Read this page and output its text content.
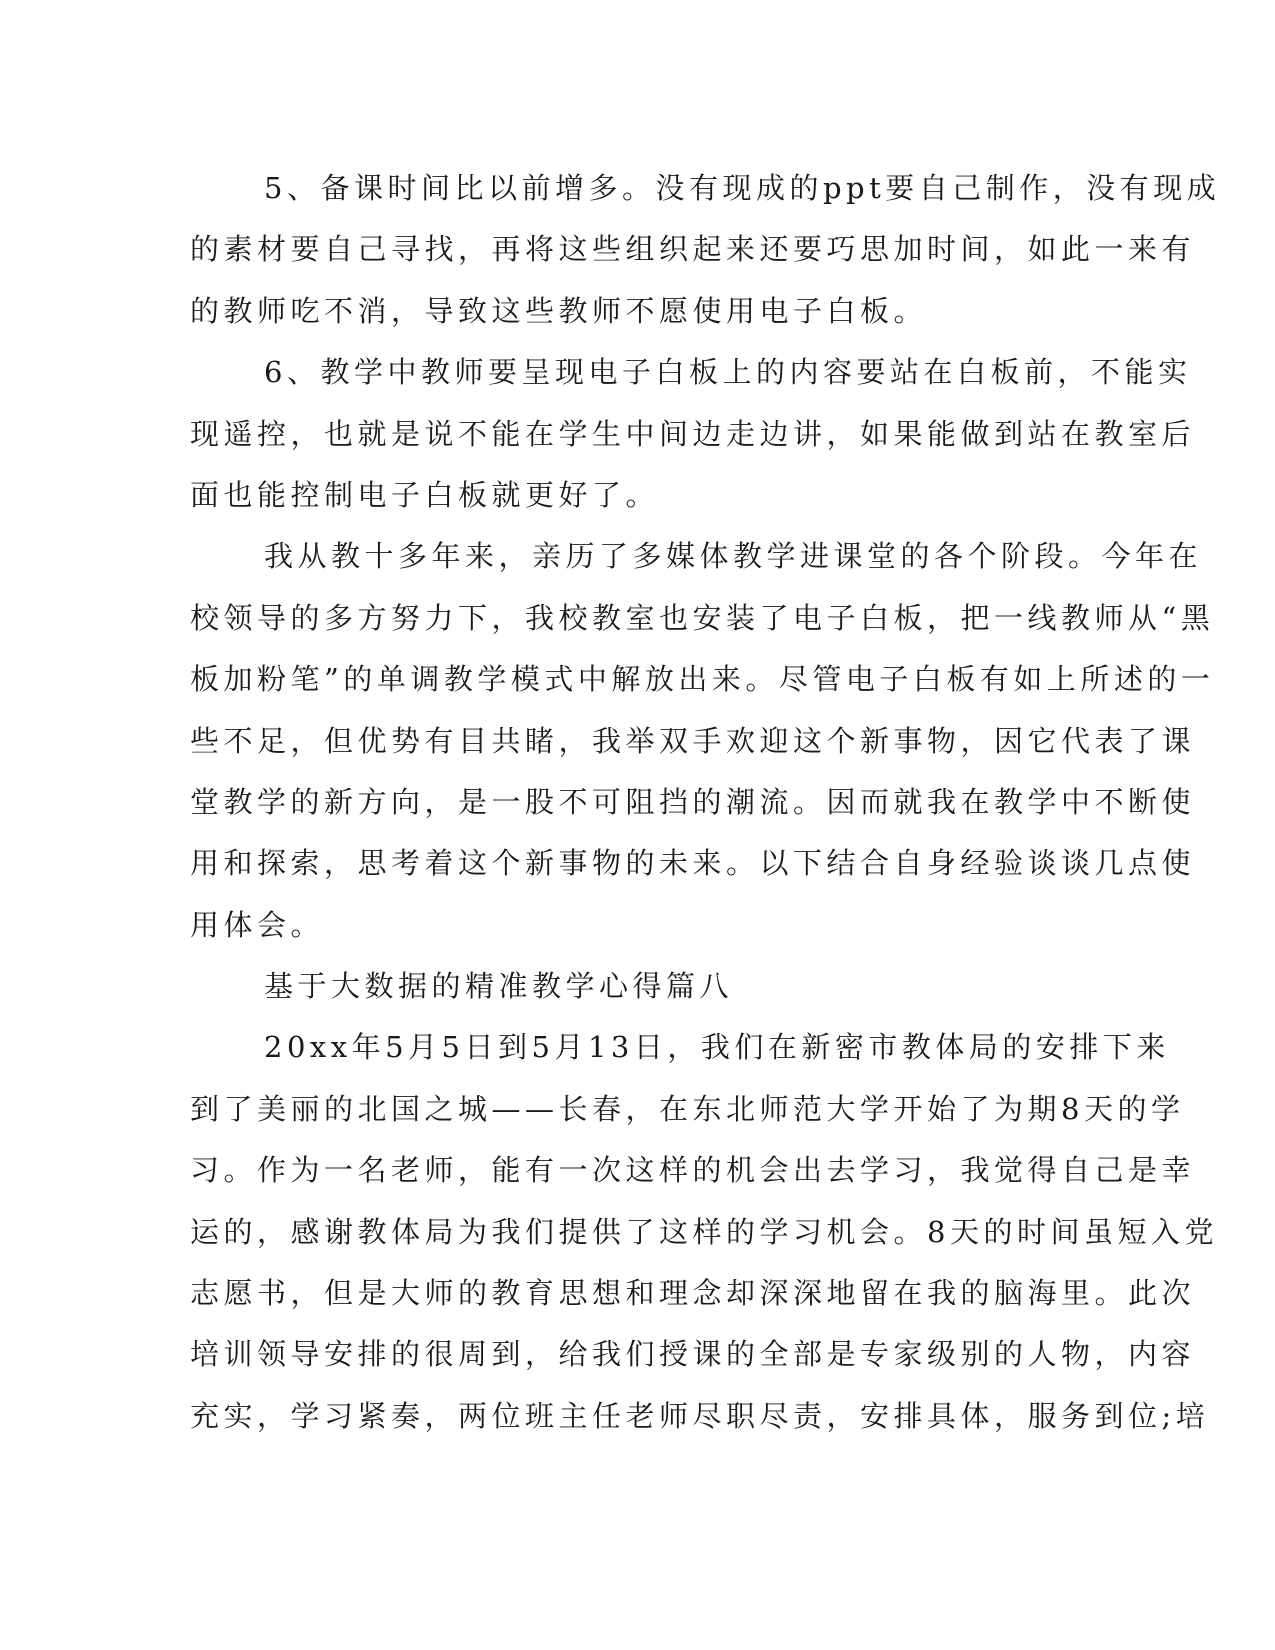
5、备课时间比以前增多。没有现成的ppt要自己制作，没有现成
的素材要自己寻找，再将这些组织起来还要巧思加时间，如此一来有
的教师吃不消，导致这些教师不愿使用电子白板。
6、教学中教师要呈现电子白板上的内容要站在白板前，不能实
现遥控，也就是说不能在学生中间边走边讲，如果能做到站在教室后
面也能控制电子白板就更好了。
我从教十多年来，亲历了多媒体教学进课堂的各个阶段。今年在
校领导的多方努力下，我校教室也安装了电子白板，把一线教师从“黑
板加粉笔”的单调教学模式中解放出来。尽管电子白板有如上所述的一
些不足，但优势有目共睹，我举双手欢迎这个新事物，因它代表了课
堂教学的新方向，是一股不可阻挡的潮流。因而就我在教学中不断使
用和探索，思考着这个新事物的未来。以下结合自身经验谈谈几点使
用体会。
基于大数据的精准教学心得篇八
20xx年5月5日到5月13日，我们在新密市教体局的安排下来
到了美丽的北国之城——长春，在东北师范大学开始了为期8天的学
习。作为一名老师，能有一次这样的机会出去学习，我觉得自己是幸
运的，感谢教体局为我们提供了这样的学习机会。8天的时间虽短入党
志愿书，但是大师的教育思想和理念却深深地留在我的脑海里。此次
培训领导安排的很周到，给我们授课的全部是专家级别的人物，内容
充实，学习紧奏，两位班主任老师尽职尽责，安排具体，服务到位;培
